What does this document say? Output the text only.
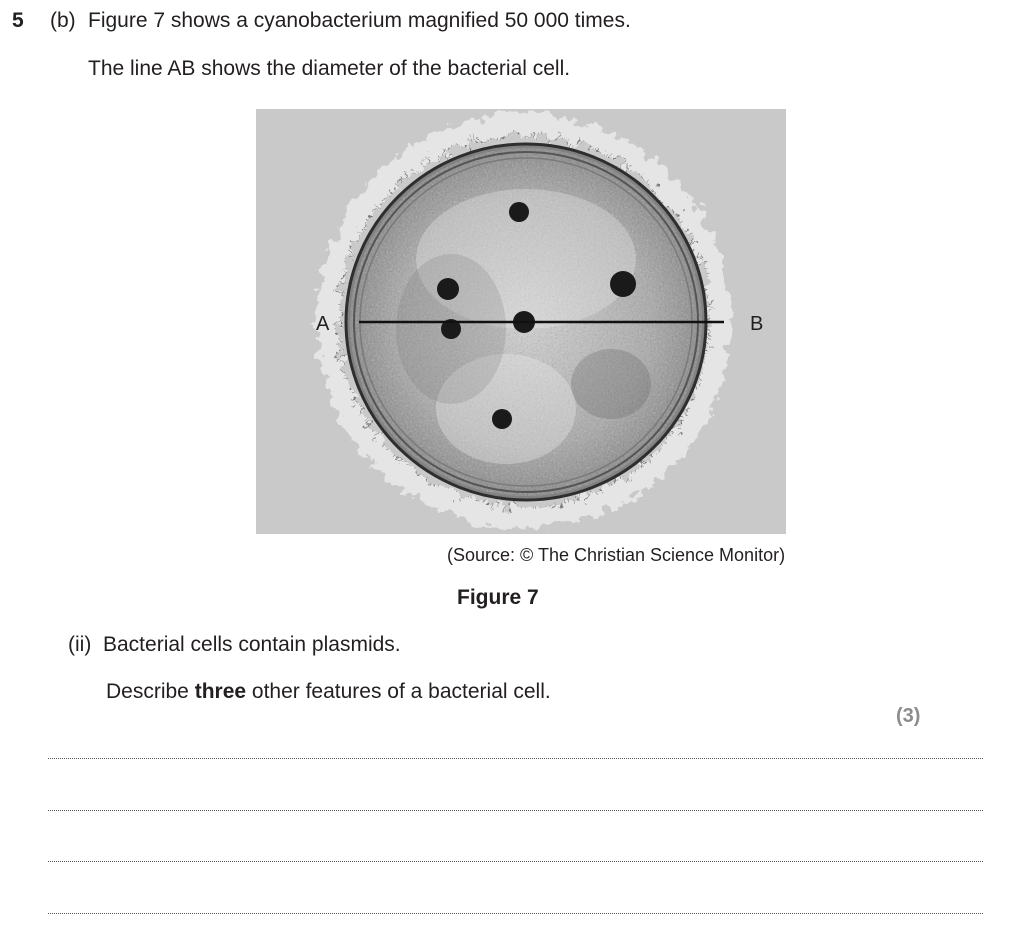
5 (b) Figure 7 shows a cyanobacterium magnified 50 000 times.
The line AB shows the diameter of the bacterial cell.
A	B
(Source: © The Christian Science Monitor)
Figure 7
(ii) Bacterial cells contain plasmids.
Describe three other features of a bacterial cell.
(3)
